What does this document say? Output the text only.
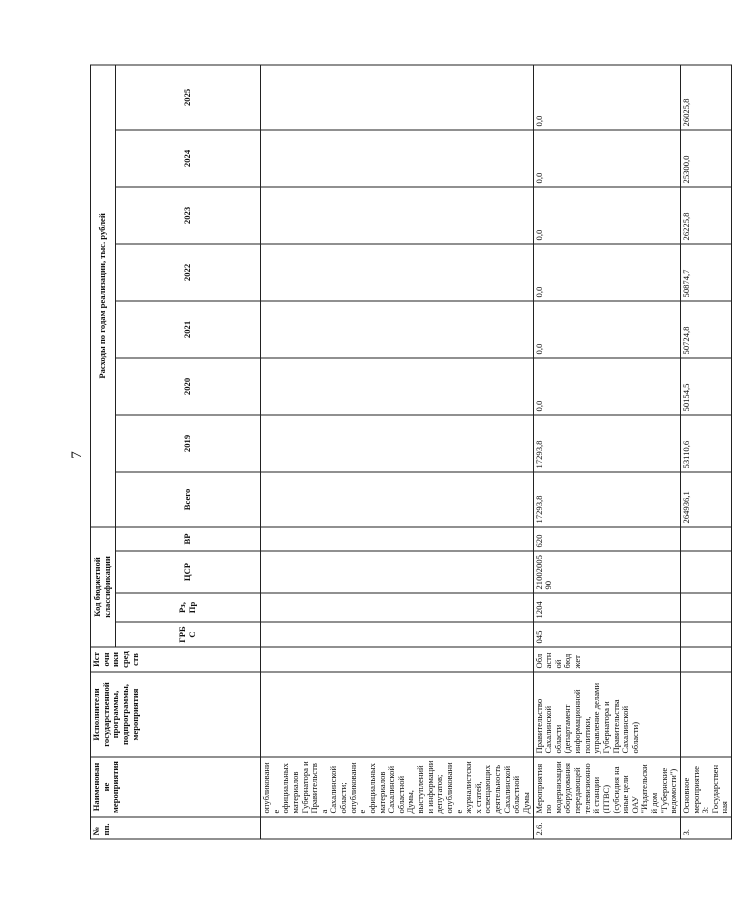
7
№ пп.	Наименование мероприятия	Исполнители государственной программы, подпрограммы, мероприятия	Источники средств	Код бюджетной классификации				Расходы по годам реализации, тыс. рублей							
				ГРБС	Рз, Пр	ЦСР	ВР	Всего	2019	2020	2021	2022	2023	2024	2025
	опубликование официальных материалов Губернатора и Правительства Сахалинской области; опубликование официальных материалов Сахалинской областной Думы, выступлений и информации депутатов; опубликование журналистских статей, освещающих деятельность Сахалинской областной Думы														
2.6.	Мероприятия по модернизации оборудования передающей телевизионной станции (ПТВС) (субсидия на иные цели ОАУ "Издательский дом "Губернские ведомости")	Правительство Сахалинской области (департамент информационной политики, управление делами Губернатора и Правительства Сахалинской области)	Областной бюджет	045	1204	2100200590	620	17293,8	17293,8	0,0	0,0	0,0	0,0	0,0	0,0
3.	Основное мероприятие 3: Государственная							264936,1	53110,6	50154,5	50724,8	50874,7	26225,8	25300,0	26025,8
